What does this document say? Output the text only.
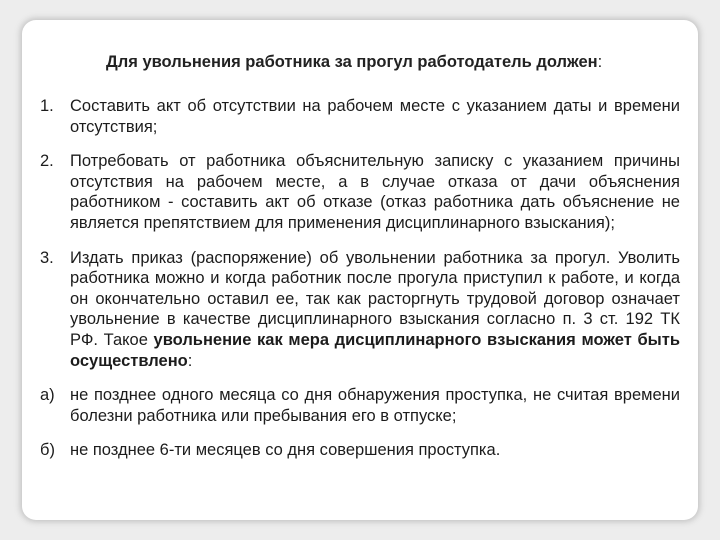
Для увольнения работника за прогул работодатель должен:
1. Составить акт об отсутствии на рабочем месте с указанием даты и времени отсутствия;
2. Потребовать от работника объяснительную записку с указанием причины отсутствия на рабочем месте, а в случае отказа от дачи объяснения работником - составить акт об отказе (отказ работника дать объяснение не является препятствием для применения дисциплинарного взыскания);
3. Издать приказ (распоряжение) об увольнении работника за прогул. Уволить работника можно и когда работник после прогула приступил к работе, и когда он окончательно оставил ее, так как расторгнуть трудовой договор означает увольнение в качестве дисциплинарного взыскания согласно п. 3 ст. 192 ТК РФ. Такое увольнение как мера дисциплинарного взыскания может быть осуществлено:
а) не позднее одного месяца со дня обнаружения проступка, не считая времени болезни работника или пребывания его в отпуске;
б) не позднее 6-ти месяцев со дня совершения проступка.
